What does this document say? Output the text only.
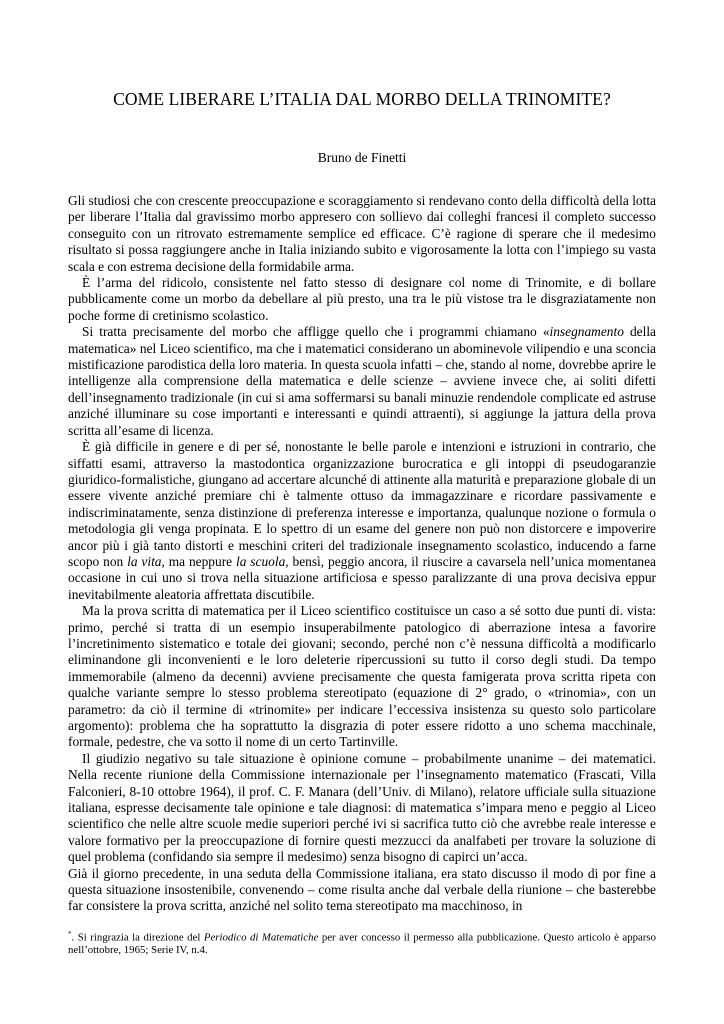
COME LIBERARE L’ITALIA DAL MORBO DELLA TRINOMITE?
Bruno de Finetti

Gli studiosi che con crescente preoccupazione e scoraggiamento si rendevano conto della difficoltà della lotta per liberare l’Italia dal gravissimo morbo appresero con sollievo dai colleghi francesi il completo successo conseguito con un ritrovato estremamente semplice ed efficace. C’è ragione di sperare che il medesimo risultato si possa raggiungere anche in Italia iniziando subito e vigorosamente la lotta con l’impiego su vasta scala e con estrema decisione della formidabile arma.

È l’arma del ridicolo, consistente nel fatto stesso di designare col nome di Trinomite, e di bollare pubblicamente come un morbo da debellare al più presto, una tra le più vistose tra le disgraziatamente non poche forme di cretinismo scolastico.

Si tratta precisamente del morbo che affligge quello che i programmi chiamano «insegnamento della matematica» nel Liceo scientifico, ma che i matematici considerano un abominevole vilipendio e una sconcia mistificazione parodistica della loro materia. In questa scuola infatti – che, stando al nome, dovrebbe aprire le intelligenze alla comprensione della matematica e delle scienze – avviene invece che, ai soliti difetti dell’insegnamento tradizionale (in cui si ama soffermarsi su banali minuzie rendendole complicate ed astruse anziché illuminare su cose importanti e interessanti e quindi attraenti), si aggiunge la jattura della prova scritta all’esame di licenza.

È già difficile in genere e di per sé, nonostante le belle parole e intenzioni e istruzioni in contrario, che siffatti esami, attraverso la mastodontica organizzazione burocratica e gli intoppi di pseudogaranzie giuridico-formalistiche, giungano ad accertare alcunché di attinente alla maturità e preparazione globale di un essere vivente anziché premiare chi è talmente ottuso da immagazzinare e ricordare passivamente e indiscriminatamente, senza distinzione di preferenza interesse e importanza, qualunque nozione o formula o metodologia gli venga propinata. E lo spettro di un esame del genere non può non distorcere e impoverire ancor più i già tanto distorti e meschini criteri del tradizionale insegnamento scolastico, inducendo a farne scopo non la vita, ma neppure la scuola, bensì, peggio ancora, il riuscire a cavarsela nell’unica momentanea occasione in cui uno si trova nella situazione artificiosa e spesso paralizzante di una prova decisiva eppur inevitabilmente aleatoria affrettata discutibile.

Ma la prova scritta di matematica per il Liceo scientifico costituisce un caso a sé sotto due punti di. vista: primo, perché si tratta di un esempio insuperabilmente patologico di aberrazione intesa a favorire l’incretinimento sistematico e totale dei giovani; secondo, perché non c’è nessuna difficoltà a modificarlo eliminandone gli inconvenienti e le loro deleterie ripercussioni su tutto il corso degli studi. Da tempo immemorabile (almeno da decenni) avviene precisamente che questa famigerata prova scritta ripeta con qualche variante sempre lo stesso problema stereotipato (equazione di 2° grado, o «trinomia», con un parametro: da ciò il termine di «trinomite» per indicare l’eccessiva insistenza su questo solo particolare argomento): problema che ha soprattutto la disgrazia di poter essere ridotto a uno schema macchinale, formale, pedestre, che va sotto il nome di un certo Tartinville.

Il giudizio negativo su tale situazione è opinione comune – probabilmente unanime – dei matematici. Nella recente riunione della Commissione internazionale per l’insegnamento matematico (Frascati, Villa Falconieri, 8-10 ottobre 1964), il prof. C. F. Manara (dell’Univ. di Milano), relatore ufficiale sulla situazione italiana, espresse decisamente tale opinione e tale diagnosi: di matematica s’impara meno e peggio al Liceo scientifico che nelle altre scuole medie superiori perché ivi si sacrifica tutto ciò che avrebbe reale interesse e valore formativo per la preoccupazione di fornire questi mezzucci da analfabeti per trovare la soluzione di quel problema (confidando sia sempre il medesimo) senza bisogno di capirci un’acca.

Già il giorno precedente, in una seduta della Commissione italiana, era stato discusso il modo di por fine a questa situazione insostenibile, convenendo – come risulta anche dal verbale della riunione – che basterebbe far consistere la prova scritta, anziché nel solito tema stereotipato ma macchinoso, in

*. Si ringrazia la direzione del Periodico di Matematiche per aver concesso il permesso alla pubblicazione. Questo articolo è apparso nell’ottobre, 1965; Serie IV, n.4.
